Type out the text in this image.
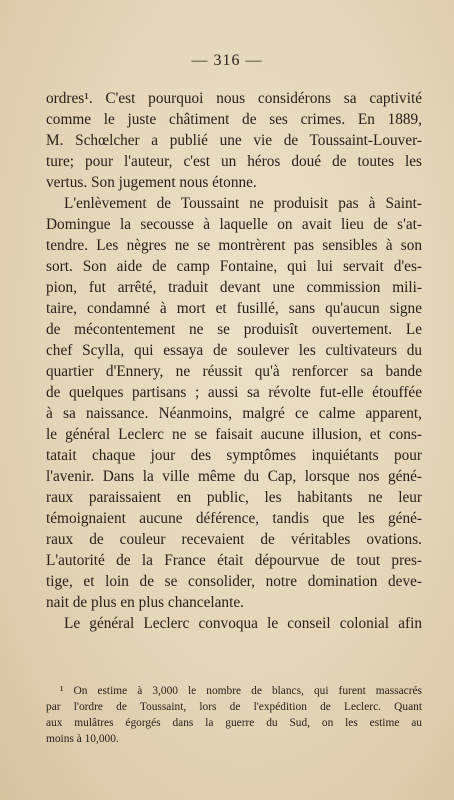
— 316 —

ordres¹. C'est pourquoi nous considérons sa captivité
comme le juste châtiment de ses crimes. En 1889,
M. Schœlcher a publié une vie de Toussaint-Louver-
ture; pour l'auteur, c'est un héros doué de toutes les
vertus. Son jugement nous étonne.

L'enlèvement de Toussaint ne produisit pas à Saint-
Domingue la secousse à laquelle on avait lieu de s'at-
tendre. Les nègres ne se montrèrent pas sensibles à son
sort. Son aide de camp Fontaine, qui lui servait d'es-
pion, fut arrêté, traduit devant une commission mili-
taire, condamné à mort et fusillé, sans qu'aucun signe
de mécontentement ne se produisît ouvertement. Le
chef Scylla, qui essaya de soulever les cultivateurs du
quartier d'Ennery, ne réussit qu'à renforcer sa bande
de quelques partisans ; aussi sa révolte fut-elle étouffée
à sa naissance. Néanmoins, malgré ce calme apparent,
le général Leclerc ne se faisait aucune illusion, et cons-
tatait chaque jour des symptômes inquiétants pour
l'avenir. Dans la ville même du Cap, lorsque nos géné-
raux paraissaient en public, les habitants ne leur
témoignaient aucune déférence, tandis que les géné-
raux de couleur recevaient de véritables ovations.
L'autorité de la France était dépourvue de tout pres-
tige, et loin de se consolider, notre domination deve-
nait de plus en plus chancelante.

Le général Leclerc convoqua le conseil colonial afin

¹ On estime à 3,000 le nombre de blancs, qui furent massacrés
par l'ordre de Toussaint, lors de l'expédition de Leclerc. Quant
aux mulâtres égorgés dans la guerre du Sud, on les estime au
moins à 10,000.
